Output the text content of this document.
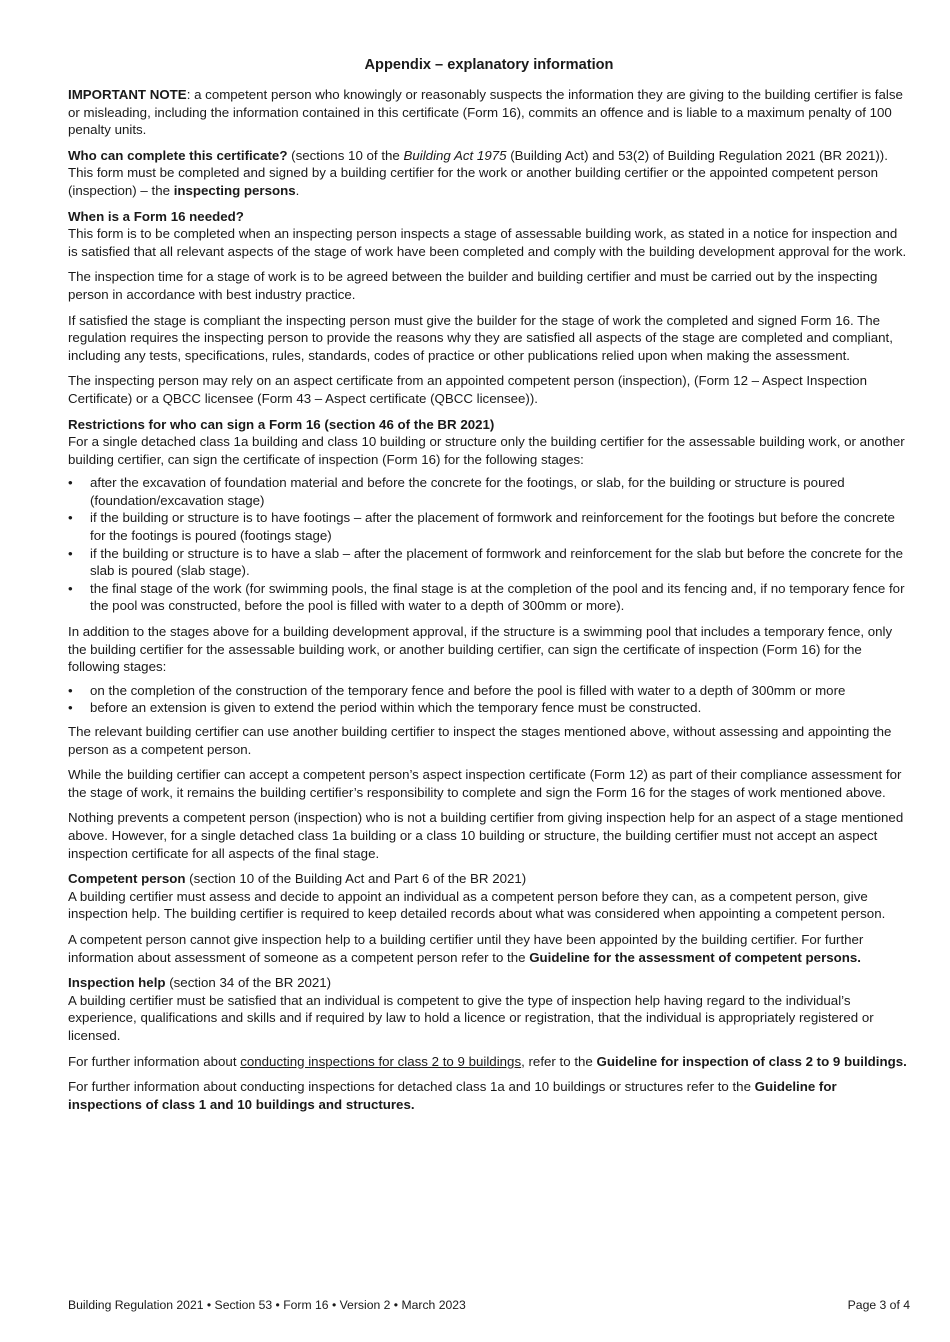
Appendix – explanatory information

IMPORTANT NOTE: a competent person who knowingly or reasonably suspects the information they are giving to the building certifier is false or misleading, including the information contained in this certificate (Form 16), commits an offence and is liable to a maximum penalty of 100 penalty units.

Who can complete this certificate? (sections 10 of the Building Act 1975 (Building Act) and 53(2) of Building Regulation 2021 (BR 2021)). This form must be completed and signed by a building certifier for the work or another building certifier or the appointed competent person (inspection) – the inspecting persons.

When is a Form 16 needed?
This form is to be completed when an inspecting person inspects a stage of assessable building work, as stated in a notice for inspection and is satisfied that all relevant aspects of the stage of work have been completed and comply with the building development approval for the work.

The inspection time for a stage of work is to be agreed between the builder and building certifier and must be carried out by the inspecting person in accordance with best industry practice.

If satisfied the stage is compliant the inspecting person must give the builder for the stage of work the completed and signed Form 16. The regulation requires the inspecting person to provide the reasons why they are satisfied all aspects of the stage are completed and compliant, including any tests, specifications, rules, standards, codes of practice or other publications relied upon when making the assessment.

The inspecting person may rely on an aspect certificate from an appointed competent person (inspection), (Form 12 – Aspect Inspection Certificate) or a QBCC licensee (Form 43 – Aspect certificate (QBCC licensee)).

Restrictions for who can sign a Form 16 (section 46 of the BR 2021)
For a single detached class 1a building and class 10 building or structure only the building certifier for the assessable building work, or another building certifier, can sign the certificate of inspection (Form 16) for the following stages:

• after the excavation of foundation material and before the concrete for the footings, or slab, for the building or structure is poured (foundation/excavation stage)
• if the building or structure is to have footings – after the placement of formwork and reinforcement for the footings but before the concrete for the footings is poured (footings stage)
• if the building or structure is to have a slab – after the placement of formwork and reinforcement for the slab but before the concrete for the slab is poured (slab stage).
• the final stage of the work (for swimming pools, the final stage is at the completion of the pool and its fencing and, if no temporary fence for the pool was constructed, before the pool is filled with water to a depth of 300mm or more).

In addition to the stages above for a building development approval, if the structure is a swimming pool that includes a temporary fence, only the building certifier for the assessable building work, or another building certifier, can sign the certificate of inspection (Form 16) for the following stages:

• on the completion of the construction of the temporary fence and before the pool is filled with water to a depth of 300mm or more
• before an extension is given to extend the period within which the temporary fence must be constructed.

The relevant building certifier can use another building certifier to inspect the stages mentioned above, without assessing and appointing the person as a competent person.

While the building certifier can accept a competent person’s aspect inspection certificate (Form 12) as part of their compliance assessment for the stage of work, it remains the building certifier’s responsibility to complete and sign the Form 16 for the stages of work mentioned above.

Nothing prevents a competent person (inspection) who is not a building certifier from giving inspection help for an aspect of a stage mentioned above. However, for a single detached class 1a building or a class 10 building or structure, the building certifier must not accept an aspect inspection certificate for all aspects of the final stage.

Competent person (section 10 of the Building Act and Part 6 of the BR 2021)
A building certifier must assess and decide to appoint an individual as a competent person before they can, as a competent person, give inspection help. The building certifier is required to keep detailed records about what was considered when appointing a competent person.

A competent person cannot give inspection help to a building certifier until they have been appointed by the building certifier. For further information about assessment of someone as a competent person refer to the Guideline for the assessment of competent persons.

Inspection help (section 34 of the BR 2021)
A building certifier must be satisfied that an individual is competent to give the type of inspection help having regard to the individual’s experience, qualifications and skills and if required by law to hold a licence or registration, that the individual is appropriately registered or licensed.

For further information about conducting inspections for class 2 to 9 buildings, refer to the Guideline for inspection of class 2 to 9 buildings.

For further information about conducting inspections for detached class 1a and 10 buildings or structures refer to the Guideline for inspections of class 1 and 10 buildings and structures.

Building Regulation 2021 • Section 53 • Form 16 • Version 2 • March 2023	Page 3 of 4
